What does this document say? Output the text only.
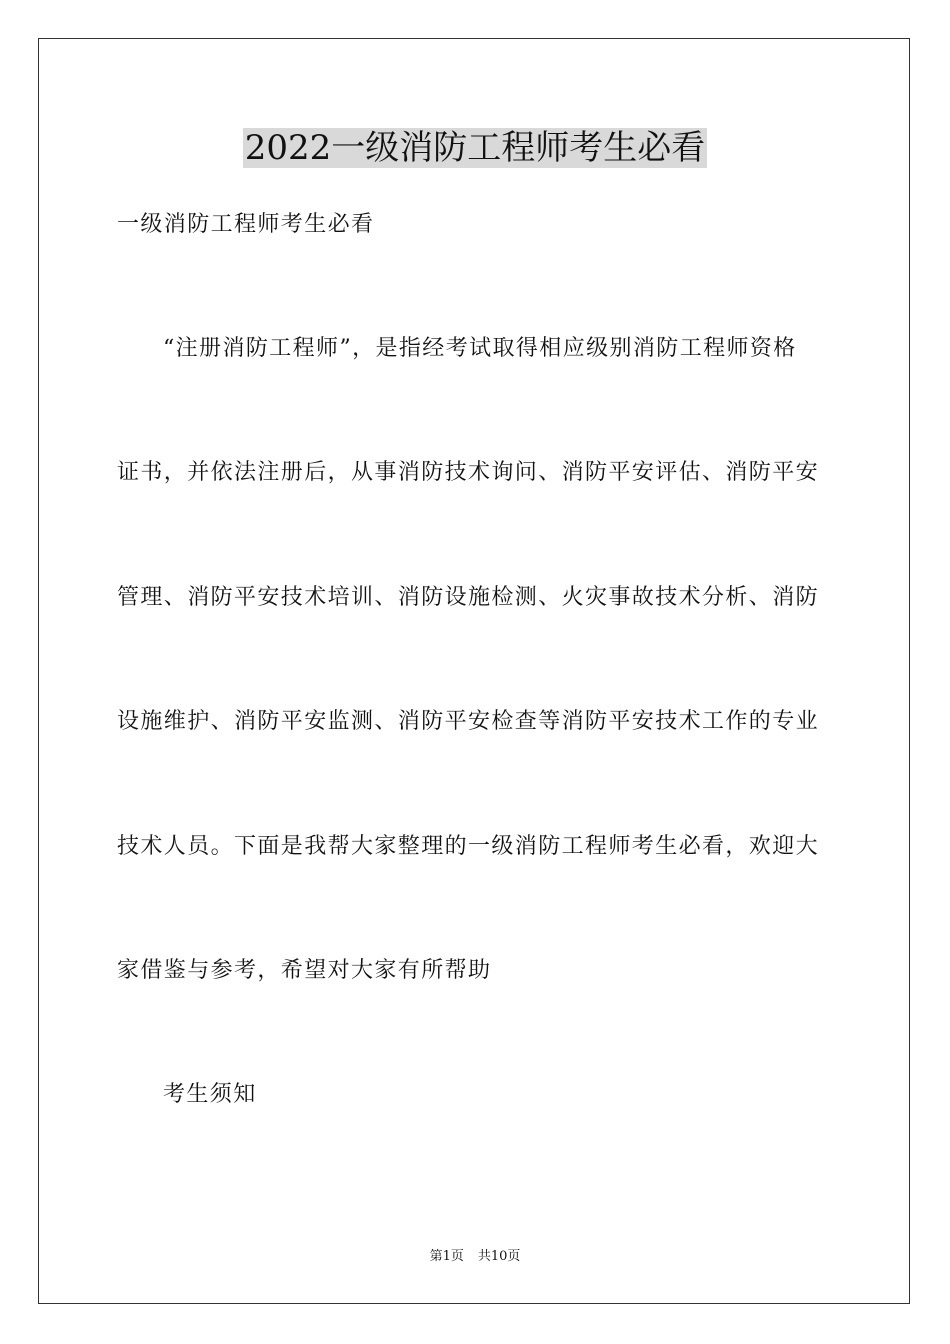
2022一级消防工程师考生必看
一级消防工程师考生必看
“注册消防工程师”，是指经考试取得相应级别消防工程师资格
证书，并依法注册后，从事消防技术询问、消防平安评估、消防平安
管理、消防平安技术培训、消防设施检测、火灾事故技术分析、消防
设施维护、消防平安监测、消防平安检查等消防平安技术工作的专业
技术人员。下面是我帮大家整理的一级消防工程师考生必看，欢迎大
家借鉴与参考，希望对大家有所帮助
考生须知
第1页 共10页
